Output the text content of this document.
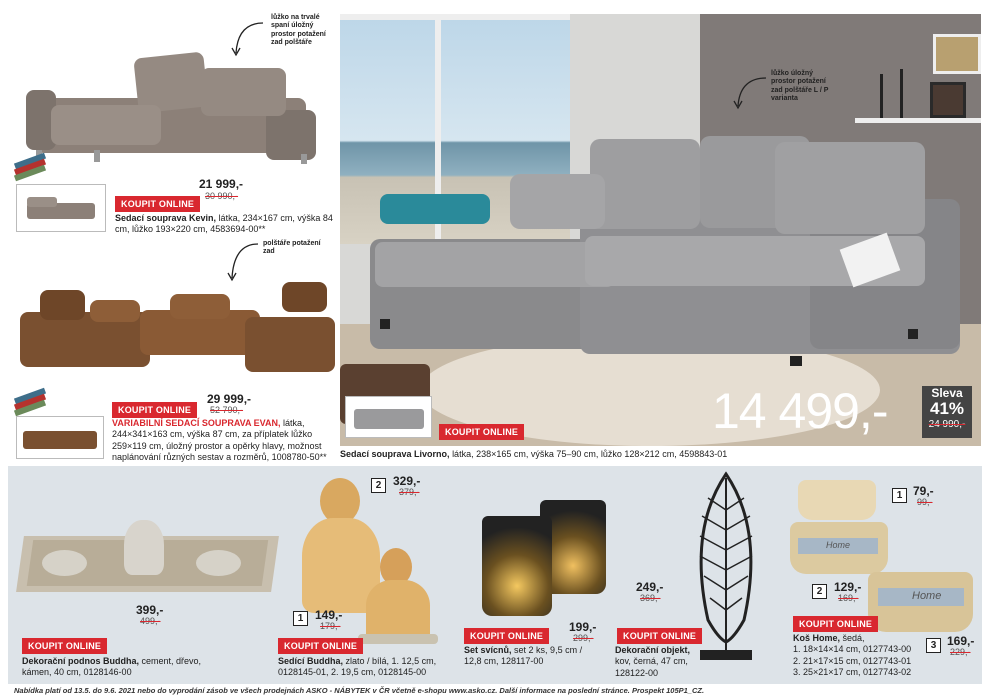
lůžko na trvalé spaní úložný prostor potažení zad polštáře
KOUPIT ONLINE
21 999,-
30 990,-
Sedací souprava Kevin, látka, 234×167 cm, výška 84 cm, lůžko 193×220 cm, 4583694-00**
polštáře potažení zad
KOUPIT ONLINE
29 999,-
52 790,-
VARIABILNÍ SEDACÍ SOUPRAVA EVAN, látka, 244×341×163 cm, výška 87 cm, za příplatek lůžko 259×119 cm, úložný prostor a opěrky hlavy, možnost naplánování různých sestav a rozměrů, 1008780-50**
lůžko úložný prostor potažení zad polštáře L / P varianta
KOUPIT ONLINE	14 499,-	Sleva
41%
24 990,-
Sedací souprava Livorno, látka, 238×165 cm, výška 75–90 cm, lůžko 128×212 cm, 4598843-01
399,-
499,-
KOUPIT ONLINE
Dekorační podnos Buddha, cement, dřevo, kámen, 40 cm, 0128146-00
2 329,-
379,-
1 149,-
179,-
KOUPIT ONLINE
Sedící Buddha, zlato / bílá, 1. 12,5 cm, 0128145-01, 2. 19,5 cm, 0128145-00
199,-
299,-
KOUPIT ONLINE
Set svícnů, set 2 ks, 9,5 cm / 12,8 cm, 128117-00
249,-
369,-
KOUPIT ONLINE
Dekorační objekt, kov, černá, 47 cm, 128122-00
Home
Home
1 79,-
99,-
2 129,-
169,-
3 169,-
229,-
KOUPIT ONLINE
Koš Home, šedá,
1. 18×14×14 cm, 0127743-00
2. 21×17×15 cm, 0127743-01
3. 25×21×17 cm, 0127743-02
Nabídka platí od 13.5. do 9.6. 2021 nebo do vyprodání zásob ve všech prodejnách ASKO - NÁBYTEK v ČR včetně e-shopu www.asko.cz. Další informace na poslední stránce. Prospekt 105P1_CZ.
